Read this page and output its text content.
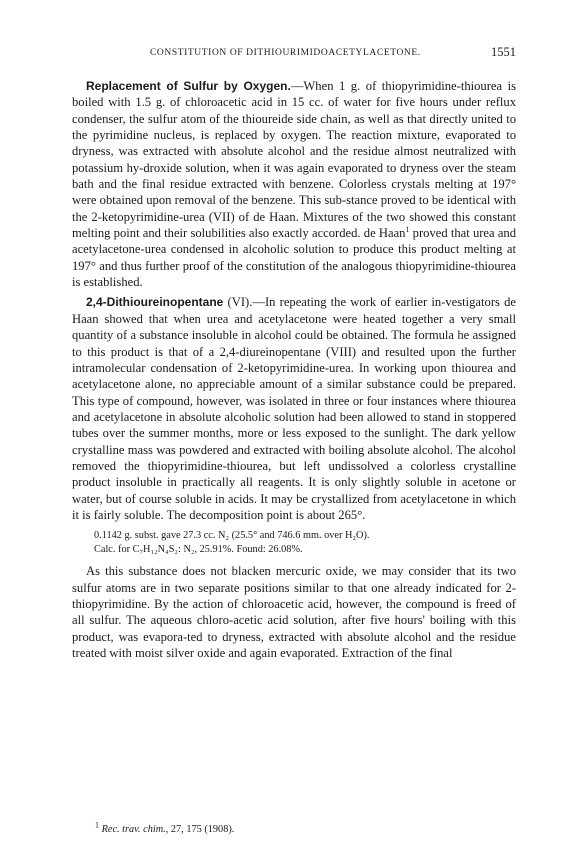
CONSTITUTION OF DITHIOURIMIDOACETYLACETONE.	1551

Replacement of Sulfur by Oxygen.—When 1 g. of thiopyrimidine-thiourea is boiled with 1.5 g. of chloroacetic acid in 15 cc. of water for five hours under reflux condenser, the sulfur atom of the thioureide side chain, as well as that directly united to the pyrimidine nucleus, is replaced by oxygen. The reaction mixture, evaporated to dryness, was extracted with absolute alcohol and the residue almost neutralized with potassium hy-droxide solution, when it was again evaporated to dryness over the steam bath and the final residue extracted with benzene. Colorless crystals melting at 197° were obtained upon removal of the benzene. This sub-stance proved to be identical with the 2-ketopyrimidine-urea (VII) of de Haan. Mixtures of the two showed this constant melting point and their solubilities also exactly accorded. de Haan$^1$ proved that urea and acetylacetone-urea condensed in alcoholic solution to produce this product melting at 197° and thus further proof of the constitution of the analogous thiopyrimidine-thiourea is established.

2,4-Dithioureinopentane (VI).—In repeating the work of earlier in-vestigators de Haan showed that when urea and acetylacetone were heated together a very small quantity of a substance insoluble in alcohol could be obtained. The formula he assigned to this product is that of a 2,4-diureinopentane (VIII) and resulted upon the further intramolecular condensation of 2-ketopyrimidine-urea. In working upon thiourea and acetylacetone alone, no appreciable amount of a similar substance could be prepared. This type of compound, however, was isolated in three or four instances where thiourea and acetylacetone in absolute alcoholic solution had been allowed to stand in stoppered tubes over the summer months, more or less exposed to the sunlight. The dark yellow crystalline mass was powdered and extracted with boiling absolute alcohol. The alcohol removed the thiopyrimidine-thiourea, but left undissolved a colorless crystalline product insoluble in practically all reagents. It is only slightly soluble in acetone or water, but of course soluble in acids. It may be crystallized from acetylacetone in which it is fairly soluble. The decomposition point is about 265°.

0.1142 g. subst. gave 27.3 cc. N₂ (25.5° and 746.6 mm. over H₂O).
Calc. for C₇H₁₂N₄S₂: N₂, 25.91%. Found: 26.08%.

As this substance does not blacken mercuric oxide, we may consider that its two sulfur atoms are in two separate positions similar to that one already indicated for 2-thiopyrimidine. By the action of chloroacetic acid, however, the compound is freed of all sulfur. The aqueous chloro-acetic acid solution, after five hours' boiling with this product, was evapora-ted to dryness, extracted with absolute alcohol and the residue treated with moist silver oxide and again evaporated. Extraction of the final

$^1$ Rec. trav. chim., 27, 175 (1908).
